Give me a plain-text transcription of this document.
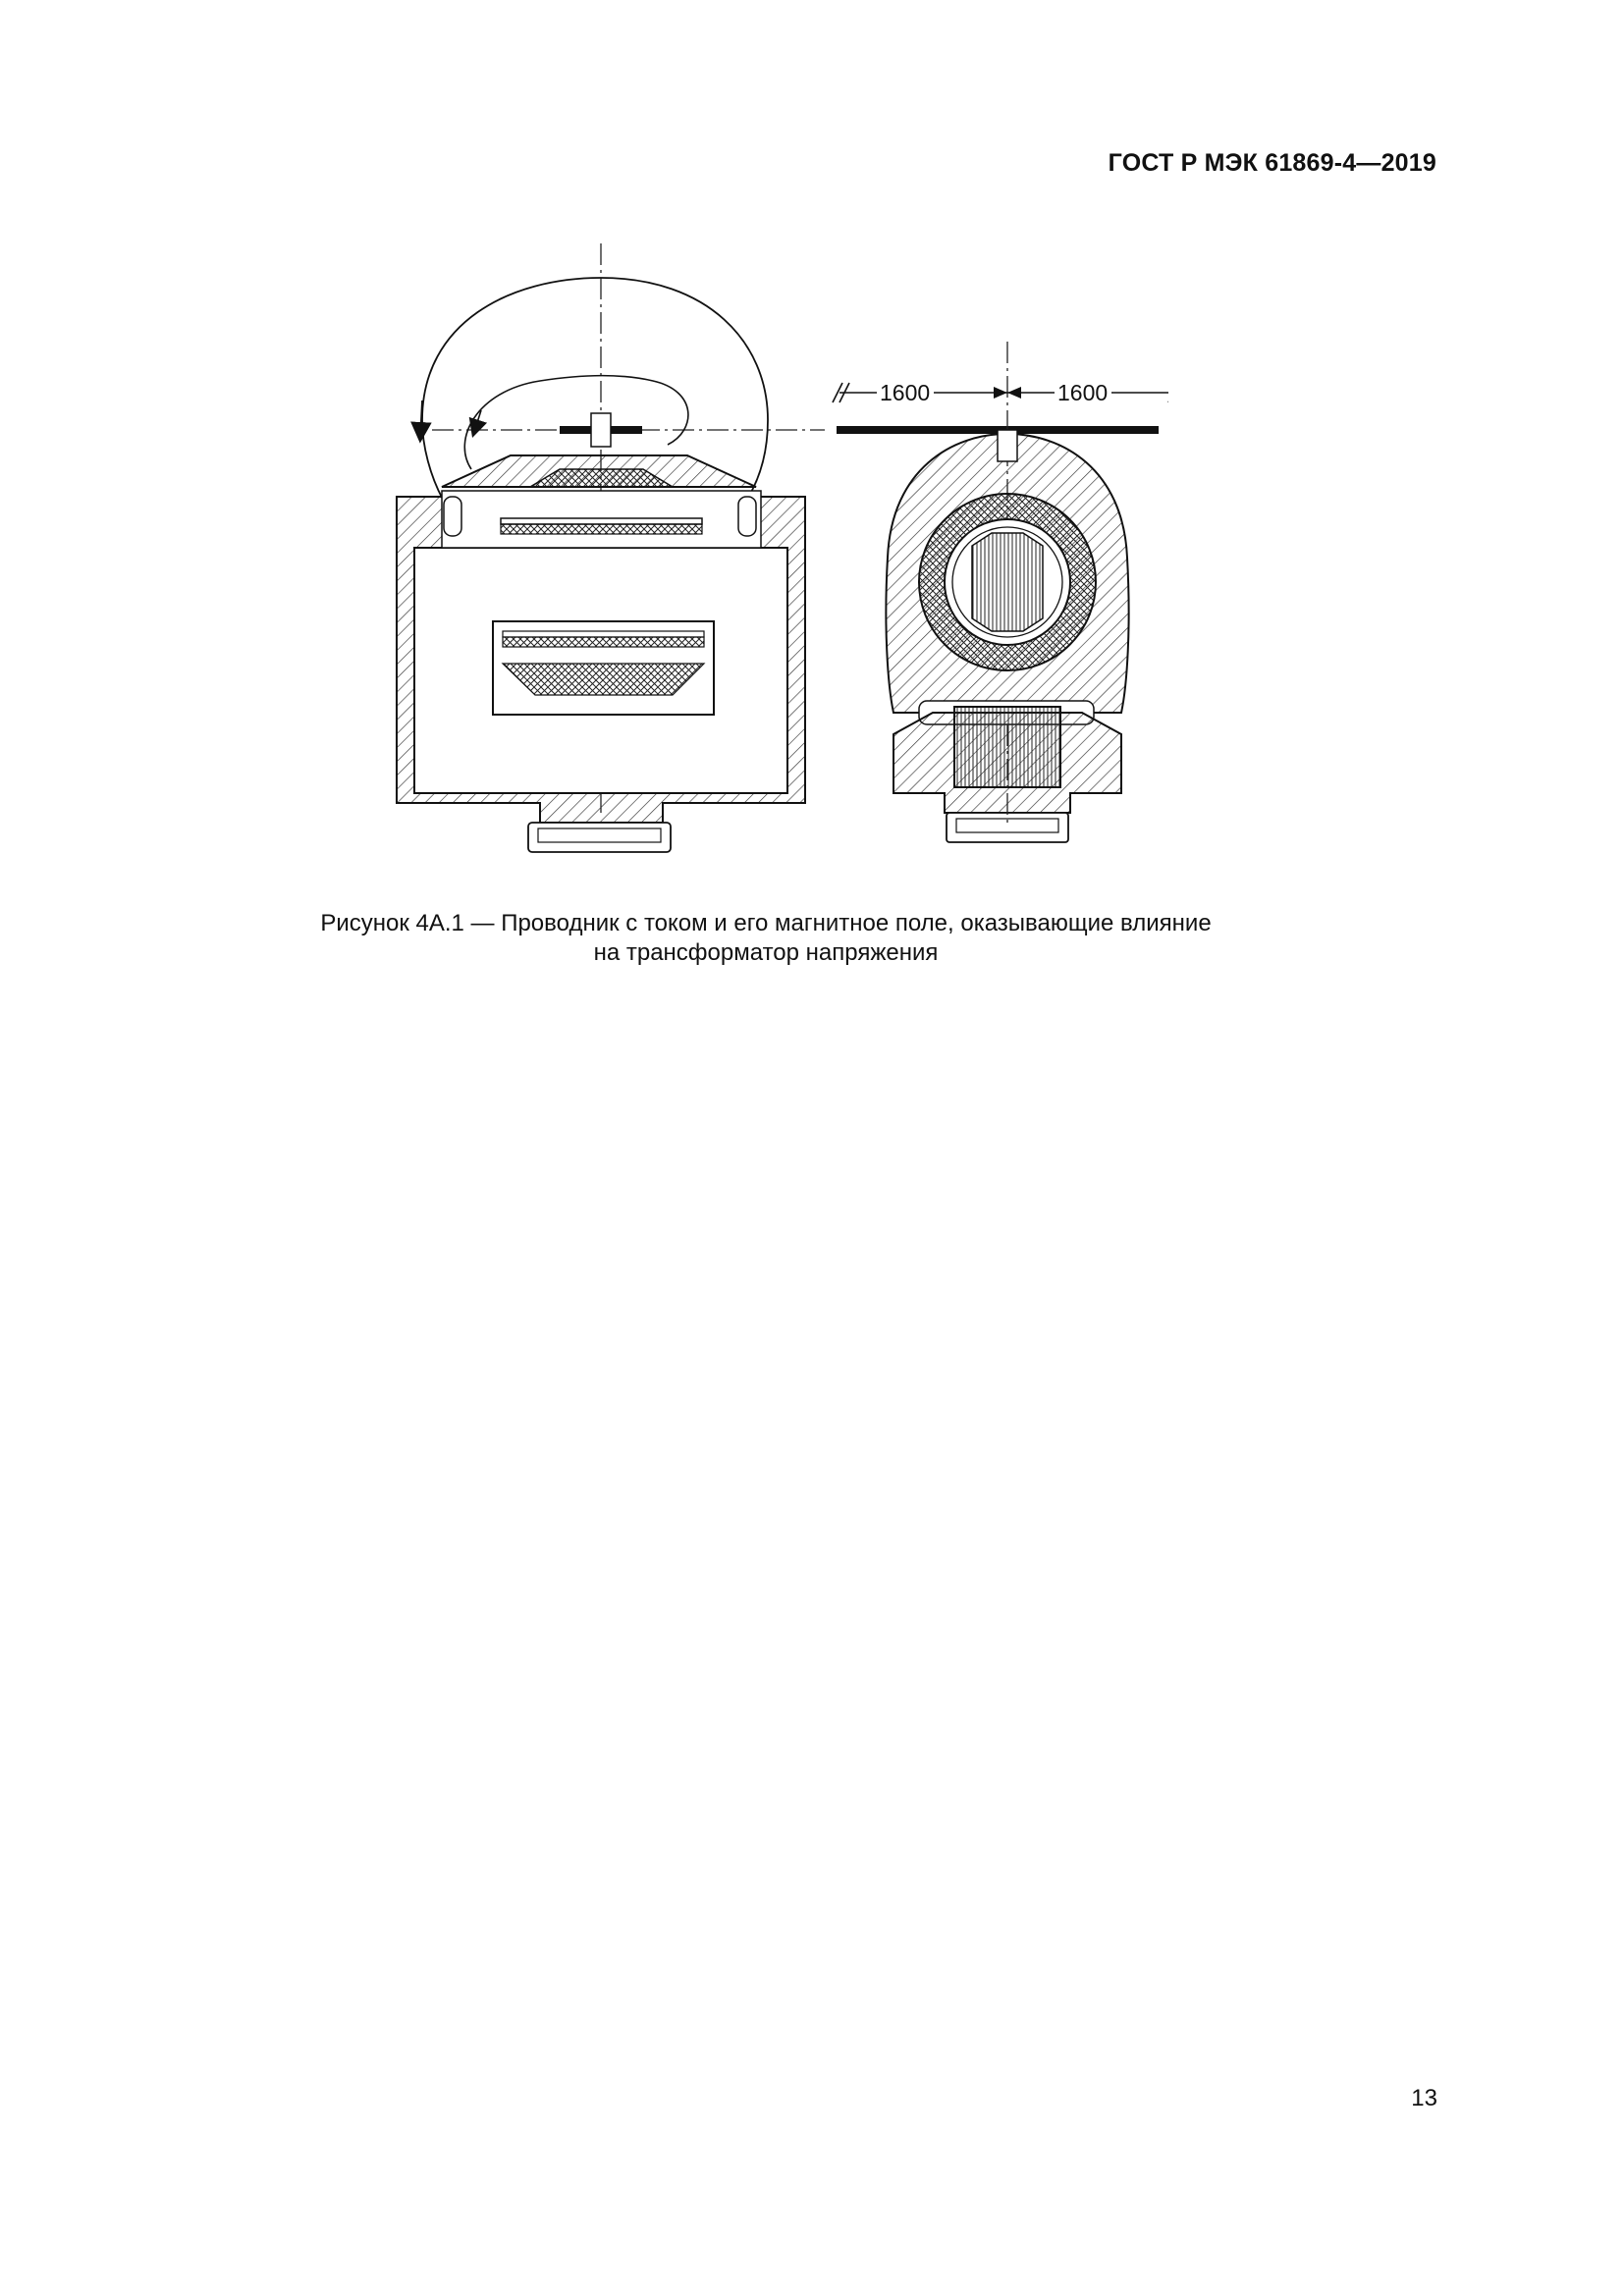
ГОСТ Р МЭК 61869-4—2019
1600	1600
Рисунок 4А.1 — Проводник с током и его магнитное поле, оказывающие влияние
на трансформатор напряжения
13
